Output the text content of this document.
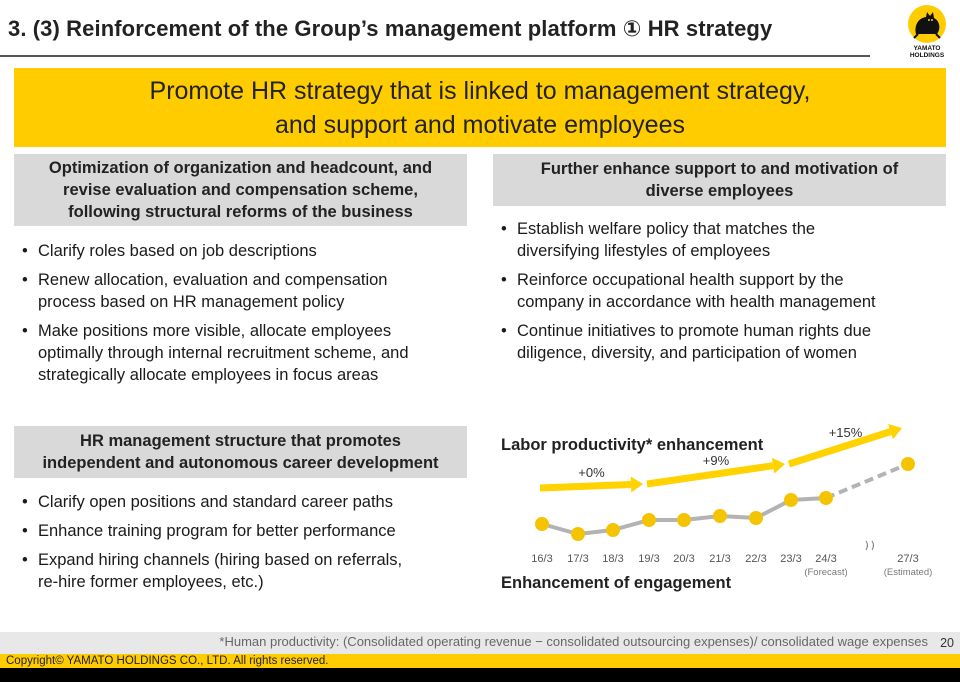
3. (3) Reinforcement of the Group’s management platform ① HR strategy
YAMATO
HOLDINGS
Promote HR strategy that is linked to management strategy,
and support and motivate employees
Optimization of organization and headcount, and
revise evaluation and compensation scheme,
following structural reforms of the business
• Clarify roles based on job descriptions
• Renew allocation, evaluation and compensation
process based on HR management policy
• Make positions more visible, allocate employees
optimally through internal recruitment scheme, and
strategically allocate employees in focus areas
Further enhance support to and motivation of
diverse employees
• Establish welfare policy that matches the
diversifying lifestyles of employees
• Reinforce occupational health support by the
company in accordance with health management
• Continue initiatives to promote human rights due
diligence, diversity, and participation of women
HR management structure that promotes
independent and autonomous career development
• Clarify open positions and standard career paths
• Enhance training program for better performance
• Expand hiring channels (hiring based on referrals,
re-hire former employees, etc.)
Labor productivity* enhancement
+0%
+9%
+15%
16/3 17/3 18/3 19/3 20/3 21/3 22/3 23/3 24/3
(Forecast)
27/3
(Estimated)
Enhancement of engagement
*Human productivity: (Consolidated operating revenue − consolidated outsourcing expenses)/ consolidated wage expenses 20
Copyright© YAMATO HOLDINGS CO., LTD. All rights reserved.
